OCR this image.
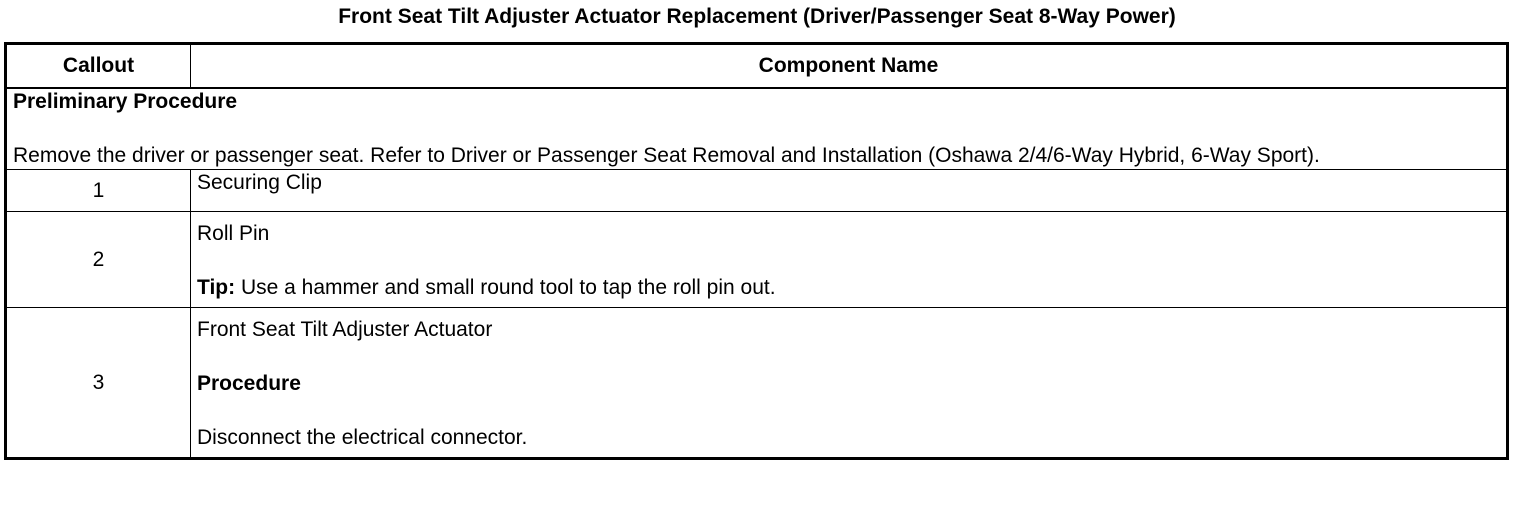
Front Seat Tilt Adjuster Actuator Replacement (Driver/Passenger Seat 8-Way Power)
Callout	Component Name

Preliminary Procedure
Remove the driver or passenger seat. Refer to Driver or Passenger Seat Removal and Installation (Oshawa 2/4/6-Way Hybrid, 6-Way Sport).	

1	Securing Clip
2	Roll Pin
Tip: Use a hammer and small round tool to tap the roll pin out.

3	Front Seat Tilt Adjuster Actuator
Procedure
Disconnect the electrical connector.
